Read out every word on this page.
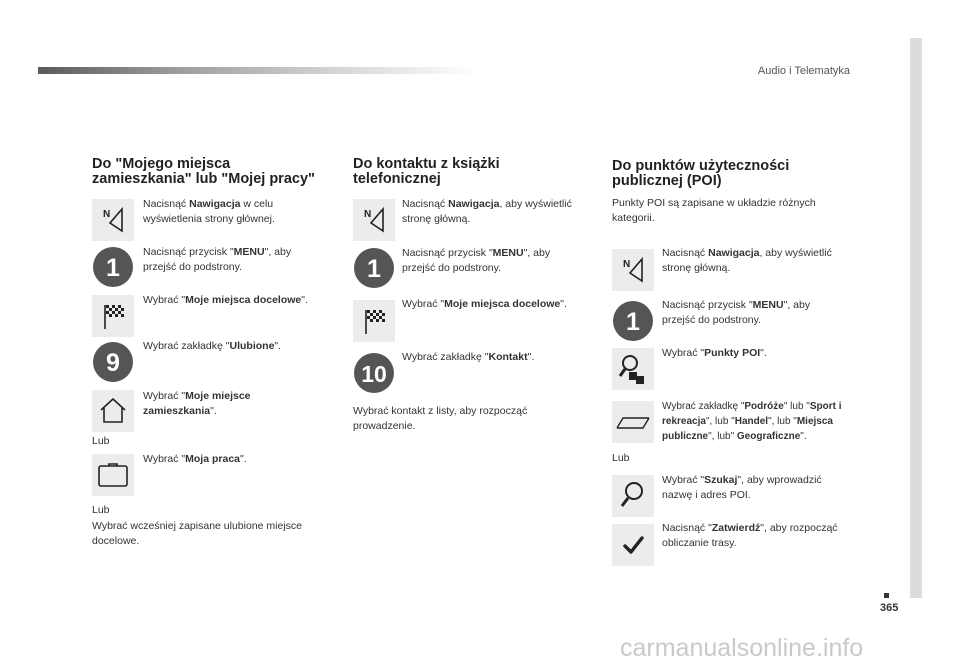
Audio i Telematyka
365
carmanualsonline.info
Do "Mojego miejsca zamieszkania" lub "Mojej pracy"
N
Nacisnąć Nawigacja w celu wyświetlenia strony głównej.
1
Nacisnąć przycisk "MENU", aby przejść do podstrony.
Wybrać "Moje miejsca docelowe".
9
Wybrać zakładkę "Ulubione".
Wybrać "Moje miejsce zamieszkania".
Lub
Wybrać "Moja praca".
Lub
Wybrać wcześniej zapisane ulubione miejsce docelowe.
Do kontaktu z książki telefonicznej
N
Nacisnąć Nawigacja, aby wyświetlić stronę główną.
1
Nacisnąć przycisk "MENU", aby przejść do podstrony.
Wybrać "Moje miejsca docelowe".
10
Wybrać zakładkę "Kontakt".
Wybrać kontakt z listy, aby rozpocząć prowadzenie.
Do punktów użyteczności publicznej (POI)
Punkty POI są zapisane w układzie różnych kategorii.
N
Nacisnąć Nawigacja, aby wyświetlić stronę główną.
1
Nacisnąć przycisk "MENU", aby przejść do podstrony.
Wybrać "Punkty POI".
Wybrać zakładkę "Podróże" lub "Sport i rekreacja", lub "Handel", lub "Miejsca publiczne", lub" Geograficzne".
Lub
Wybrać "Szukaj", aby wprowadzić nazwę i adres POI.
Nacisnąć "Zatwierdź", aby rozpocząć obliczanie trasy.
